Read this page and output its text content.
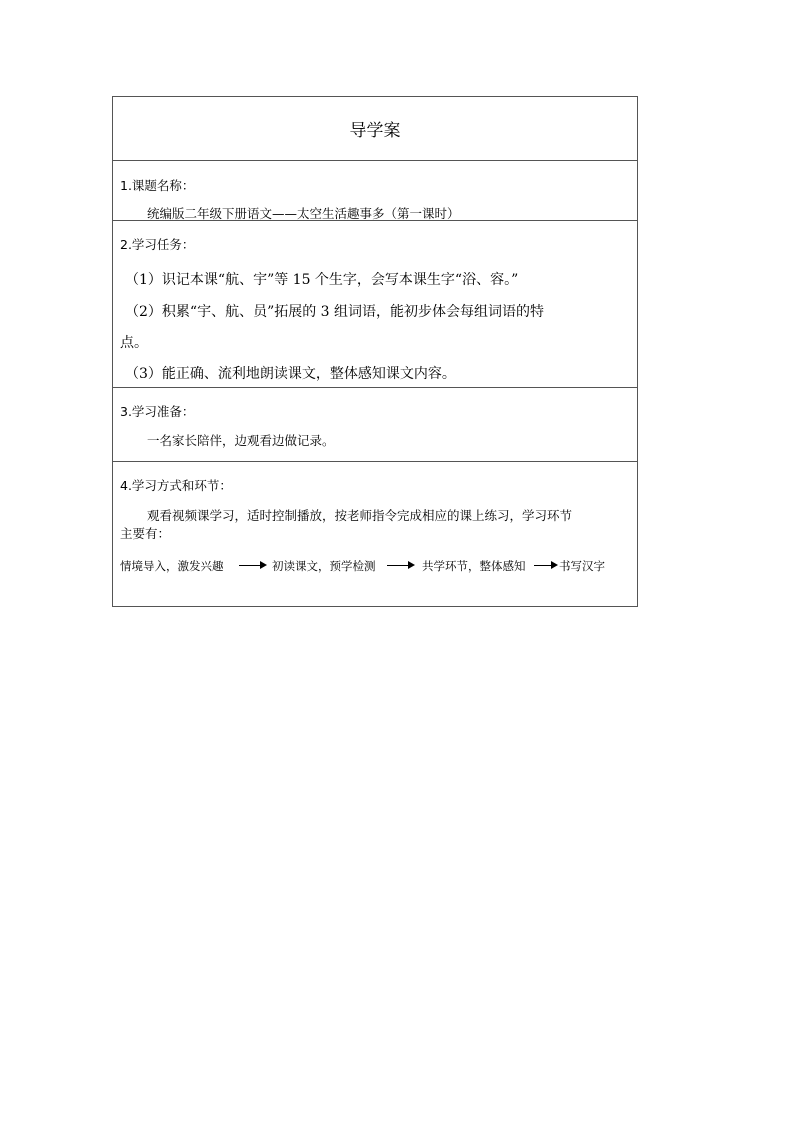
导学案
1.课题名称：
统编版二年级下册语文——太空生活趣事多（第一课时）
2.学习任务：
（1）识记本课“航、宇”等 15 个生字，会写本课生字“浴、容。”
（2）积累“宇、航、员”拓展的 3 组词语，能初步体会每组词语的特
点。
（3）能正确、流利地朗读课文，整体感知课文内容。
3.学习准备：
一名家长陪伴，边观看边做记录。
4.学习方式和环节：
观看视频课学习，适时控制播放，按老师指令完成相应的课上练习，学习环节
主要有：
情境导入，激发兴趣	初读课文，预学检测	共学环节，整体感知	书写汉字
